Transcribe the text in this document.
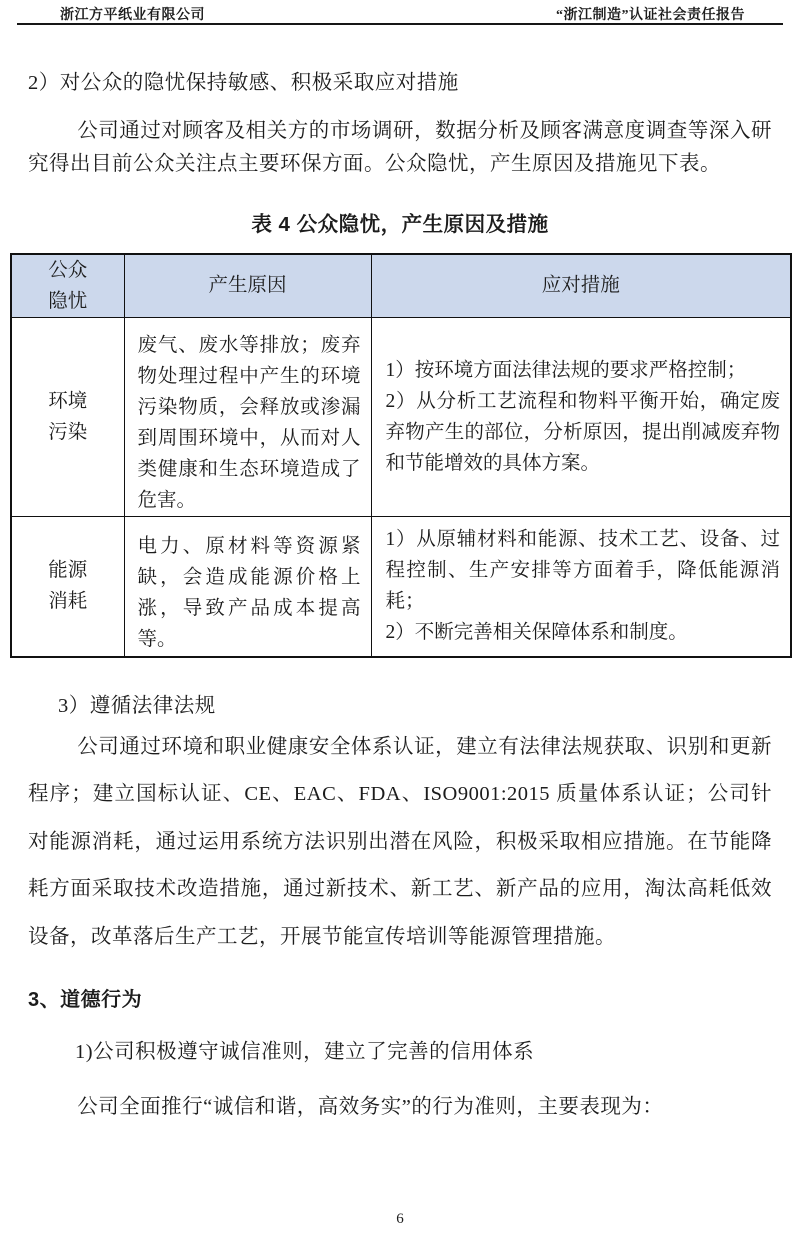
浙江方平纸业有限公司	“浙江制造”认证社会责任报告
2）对公众的隐忧保持敏感、积极采取应对措施
公司通过对顾客及相关方的市场调研，数据分析及顾客满意度调查等深入研究得出目前公众关注点主要环保方面。公众隐忧，产生原因及措施见下表。
表 4 公众隐忧，产生原因及措施
公众隐忧	产生原因	应对措施
环境污染	废气、废水等排放；废弃物处理过程中产生的环境污染物质，会释放或渗漏到周围环境中，从而对人类健康和生态环境造成了危害。	1）按环境方面法律法规的要求严格控制；
2）从分析工艺流程和物料平衡开始，确定废弃物产生的部位，分析原因，提出削减废弃物和节能增效的具体方案。

能源消耗	电力、原材料等资源紧缺，会造成能源价格上涨，导致产品成本提高等。	1）从原辅材料和能源、技术工艺、设备、过程控制、生产安排等方面着手，降低能源消耗；
2）不断完善相关保障体系和制度。
3）遵循法律法规
公司通过环境和职业健康安全体系认证，建立有法律法规获取、识别和更新程序；建立国标认证、CE、EAC、FDA、ISO9001:2015 质量体系认证；公司针对能源消耗，通过运用系统方法识别出潜在风险，积极采取相应措施。在节能降耗方面采取技术改造措施，通过新技术、新工艺、新产品的应用，淘汰高耗低效设备，改革落后生产工艺，开展节能宣传培训等能源管理措施。
3、道德行为
1)公司积极遵守诚信准则，建立了完善的信用体系
公司全面推行“诚信和谐，高效务实”的行为准则，主要表现为：
6
